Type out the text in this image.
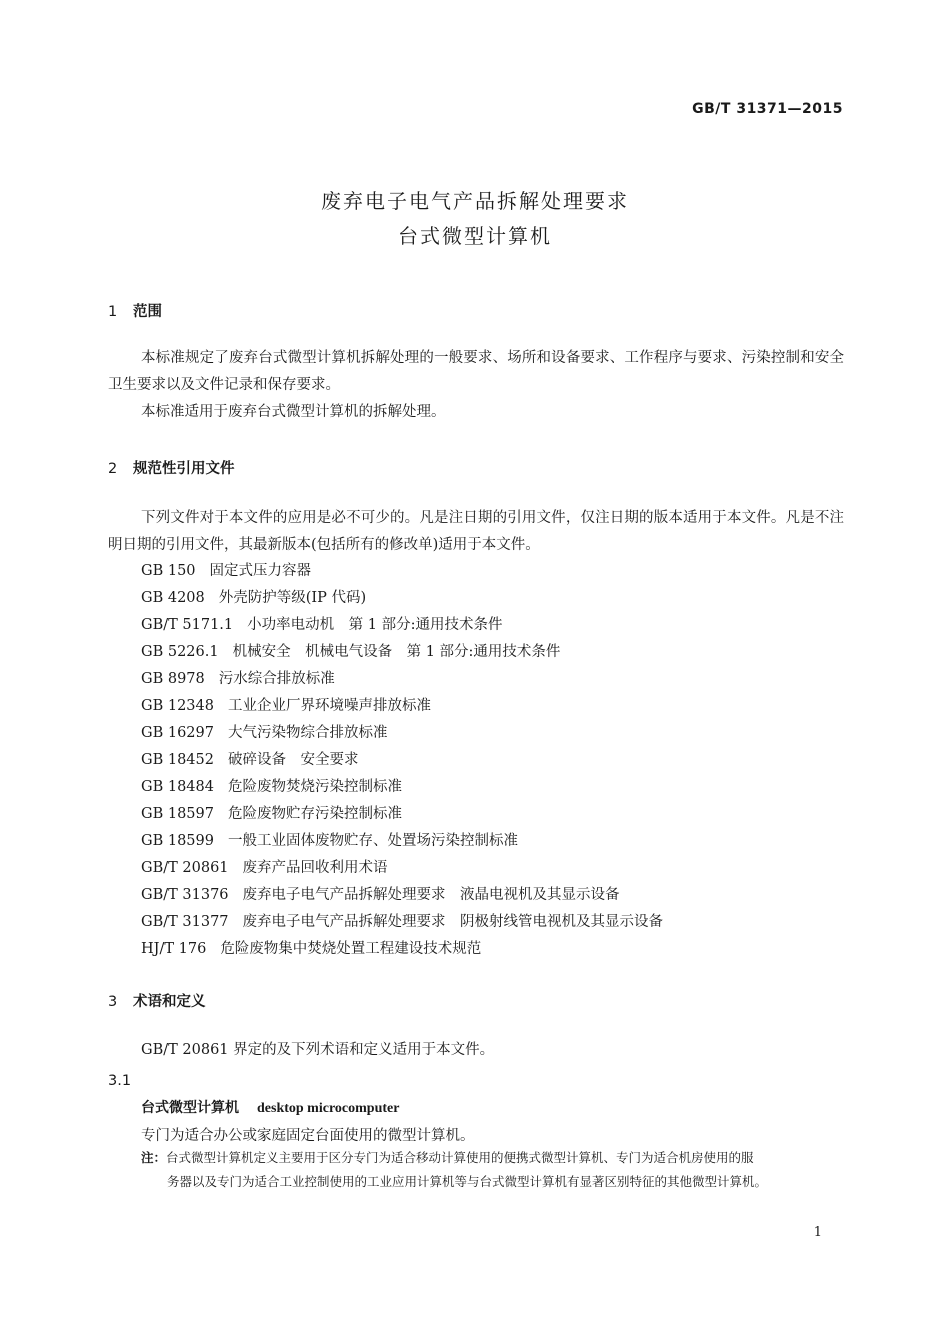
GB/T 31371—2015
废弃电子电气产品拆解处理要求
台式微型计算机
1 范围

本标准规定了废弃台式微型计算机拆解处理的一般要求、场所和设备要求、工作程序与要求、污染控制和安全卫生要求以及文件记录和保存要求。

本标准适用于废弃台式微型计算机的拆解处理。

2 规范性引用文件

下列文件对于本文件的应用是必不可少的。凡是注日期的引用文件，仅注日期的版本适用于本文件。凡是不注明日期的引用文件，其最新版本(包括所有的修改单)适用于本文件。

GB 150 固定式压力容器
GB 4208 外壳防护等级(IP 代码)
GB/T 5171.1 小功率电动机　第 1 部分:通用技术条件
GB 5226.1 机械安全　机械电气设备　第 1 部分:通用技术条件
GB 8978 污水综合排放标准
GB 12348 工业企业厂界环境噪声排放标准
GB 16297 大气污染物综合排放标准
GB 18452 破碎设备　安全要求
GB 18484 危险废物焚烧污染控制标准
GB 18597 危险废物贮存污染控制标准
GB 18599 一般工业固体废物贮存、处置场污染控制标准
GB/T 20861 废弃产品回收利用术语
GB/T 31376 废弃电子电气产品拆解处理要求　液晶电视机及其显示设备
GB/T 31377 废弃电子电气产品拆解处理要求　阴极射线管电视机及其显示设备
HJ/T 176 危险废物集中焚烧处置工程建设技术规范
3 术语和定义

GB/T 20861 界定的及下列术语和定义适用于本文件。

3.1
台式微型计算机 desktop microcomputer
专门为适合办公或家庭固定台面使用的微型计算机。
注：台式微型计算机定义主要用于区分专门为适合移动计算使用的便携式微型计算机、专门为适合机房使用的服
务器以及专门为适合工业控制使用的工业应用计算机等与台式微型计算机有显著区别特征的其他微型计算机。
1
